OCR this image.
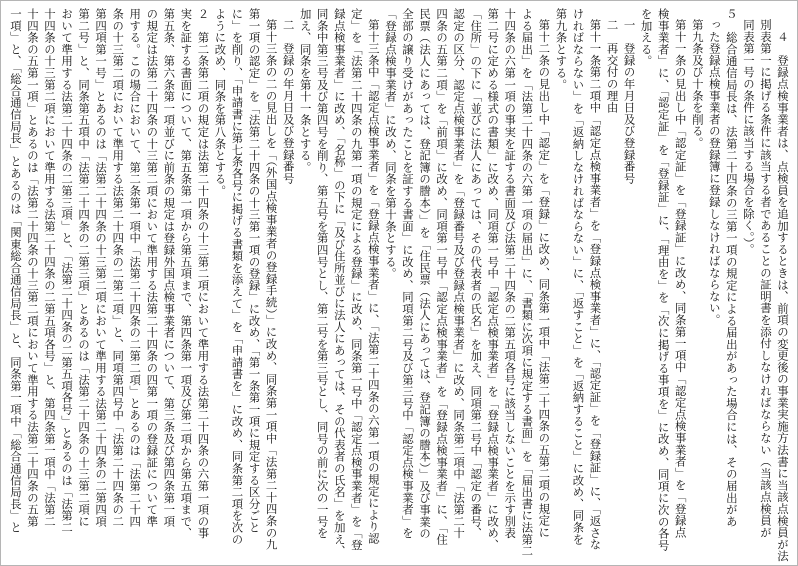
４　登録点検事業者は、点検員を追加するときは、前項の変更後の事業実施方法書に当該点検員が法
別表第一に掲げる条件に該当する者であることの証明書を添付しなければならない（当該点検員が
同表第一号の条件に該当する場合を除く。）。
５　総合通信局長は、法第二十四条の三第一項の規定による届出があった場合には、その届出があ
った登録点検事業者の登録簿に登録しなければならない。
第九条及び十条を削る。
第十一条の見出し中「認定証」を「登録証」に改め、同条第一項中「認定点検事業者」を「登録点
検事業者」に、「認定証」を「登録証」に、「理由を」を「次に掲げる事項を」に改め、同項に次の各号
を加える。
一　登録の年月日及び登録番号
二　再交付の理由
第十一条第二項中「認定点検事業者」を「登録点検事業者」に、「認定証」を「登録証」に、「返さな
ければならない」を「返納しなければならない」に、「返すこと」を「返納すること」に改め、同条を
第九条とする。
第十二条の見出し中「認定」を「登録」に改め、同条第一項中「法第二十四条の五第二項の規定に
よる届出」を「法第二十四条の六第一項の届出」に、「書類に次項に規定する書面」を「届出書に法第二
十四条の六第一項の事実を証する書面及び法第二十四条の二第五項各号に該当しないことを示す別表
第二号に定める様式の書類」に改め、同項第一号中「認定点検事業者」を「登録点検事業者」に改め、
「住所」の下に「並びに法人にあっては、その代表者の氏名」を加え、同項第二号中「認定の番号、
認定の区分、認定点検事業者」を「登録番号及び登録点検事業者」に改め、同条第二項中「法第二十
四条の五第二項」を「前項」に改め、同項第一号中「認定点検事業者」を「登録点検事業者」に、「住
民票（法人にあっては、登記簿の謄本）」を「住民票（法人にあっては、登記簿の謄本）」及び事業の
全部の譲り受けがあったことを証する書面」に改め、同項第二号及び第三号中「認定点検事業者」を
「登録点検事業者」に改め、同条を第十条とする。
第十三条中「認定点検事業者」を「登録点検事業者」に、「法第二十四条の六第一項の規定により認
定」を「法第二十四条の九第一項の規定による登録」に改め、同条第一号中「認定点検事業者」を「登
録点検事業者」に改め、「名称」の下に「及び住所並びに法人にあっては、その代表者の氏名」を加え、
同条中第三号及び第四号を削り、第五号を第四号とし、第二号を第三号とし、同号の前に次の一号を
加え、同条を第十一条とする。
二　登録の年月日及び登録番号
第十三条の二の見出しを「（外国点検事業者の登録手続）」に改め、同条第一項中「法第二十四条の九
第一項の認定」を「法第二十四条の十三第一項の登録」に改め、「第一条第一項に規定する区分ごと
に」を削り、「申請書に第七条各号に掲げる書類を添えて」を「申請書を」に改め、同条第二項を次の
ように改め、同条を第八条とする。
２　第二条第二項の規定は法第二十四条の十三第二項において準用する法第二十四条の六第一項の事
実を証する書面について、第五条第一項から第五項まで、第四条第一項及び第二項から第五項まで、
第五条、第六条第一項並びに前条の規定は登録外国点検事業者について、第三条及び第四条第一項
の規定は法第二十四条の十三第二項において準用する法第二十四条の四第一項の登録証について準
用する。この場合において、第二条第一項中「法第二十四条の二第二項」とあるのは「法第二十四
条の十三第二項において準用する法第二十四条の二第二項」と、同項第四号中「法第二十四条の二
第四項第一号」とあるのは「法第二十四条の十三第二項において準用する法第二十四条の二第四項
第二号」と、同条第五項中「法第二十四条の二第三項」とあるのは「法第二十四条の十三第二項に
おいて準用する法第二十四条の二第三項」と、「法第二十四条の二第五項各号」とあるのは「法第二
十四条の十三第二項において準用する法第二十四条の二第五項各号」と、第四条第一項中「法第二
十四条の五第一項」とあるのは「法第二十四条の十三第二項において準用する法第二十四条の五第
一項」と、「総合通信局長」とあるのは「関東総合通信局長」と、同条第一項中「総合通信局長」と
